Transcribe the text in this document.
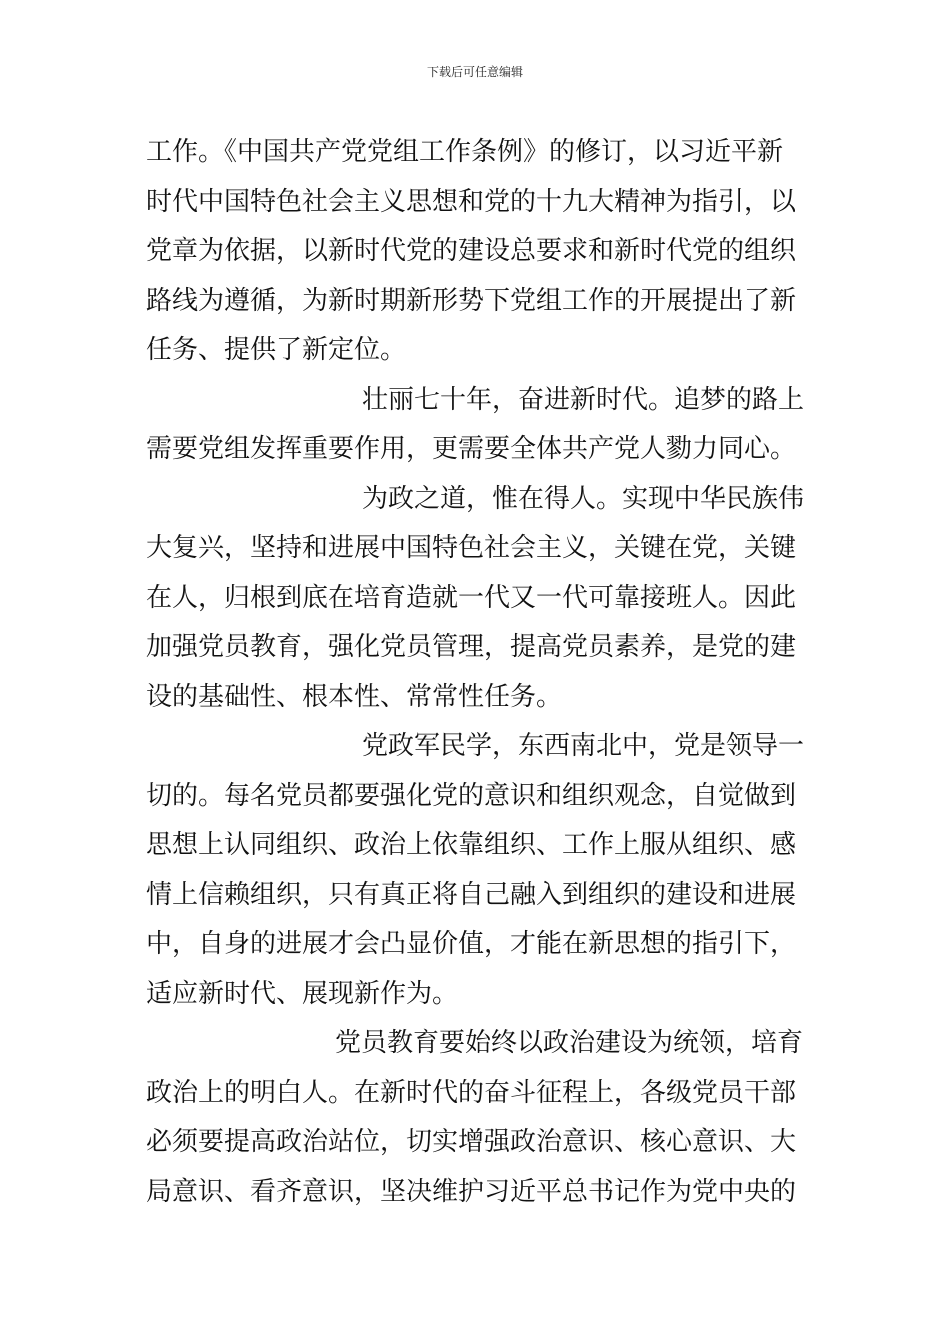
下载后可任意编辑
工作。《中国共产党党组工作条例》的修订，以习近平新
时代中国特色社会主义思想和党的十九大精神为指引，以
党章为依据，以新时代党的建设总要求和新时代党的组织
路线为遵循，为新时期新形势下党组工作的开展提出了新
任务、提供了新定位。
壮丽七十年，奋进新时代。追梦的路上
需要党组发挥重要作用，更需要全体共产党人勠力同心。
为政之道，惟在得人。实现中华民族伟
大复兴，坚持和进展中国特色社会主义，关键在党，关键
在人，归根到底在培育造就一代又一代可靠接班人。因此
加强党员教育，强化党员管理，提高党员素养，是党的建
设的基础性、根本性、常常性任务。
党政军民学，东西南北中，党是领导一
切的。每名党员都要强化党的意识和组织观念，自觉做到
思想上认同组织、政治上依靠组织、工作上服从组织、感
情上信赖组织，只有真正将自己融入到组织的建设和进展
中，自身的进展才会凸显价值，才能在新思想的指引下，
适应新时代、展现新作为。
党员教育要始终以政治建设为统领，培育
政治上的明白人。在新时代的奋斗征程上，各级党员干部
必须要提高政治站位，切实增强政治意识、核心意识、大
局意识、看齐意识，坚决维护习近平总书记作为党中央的
